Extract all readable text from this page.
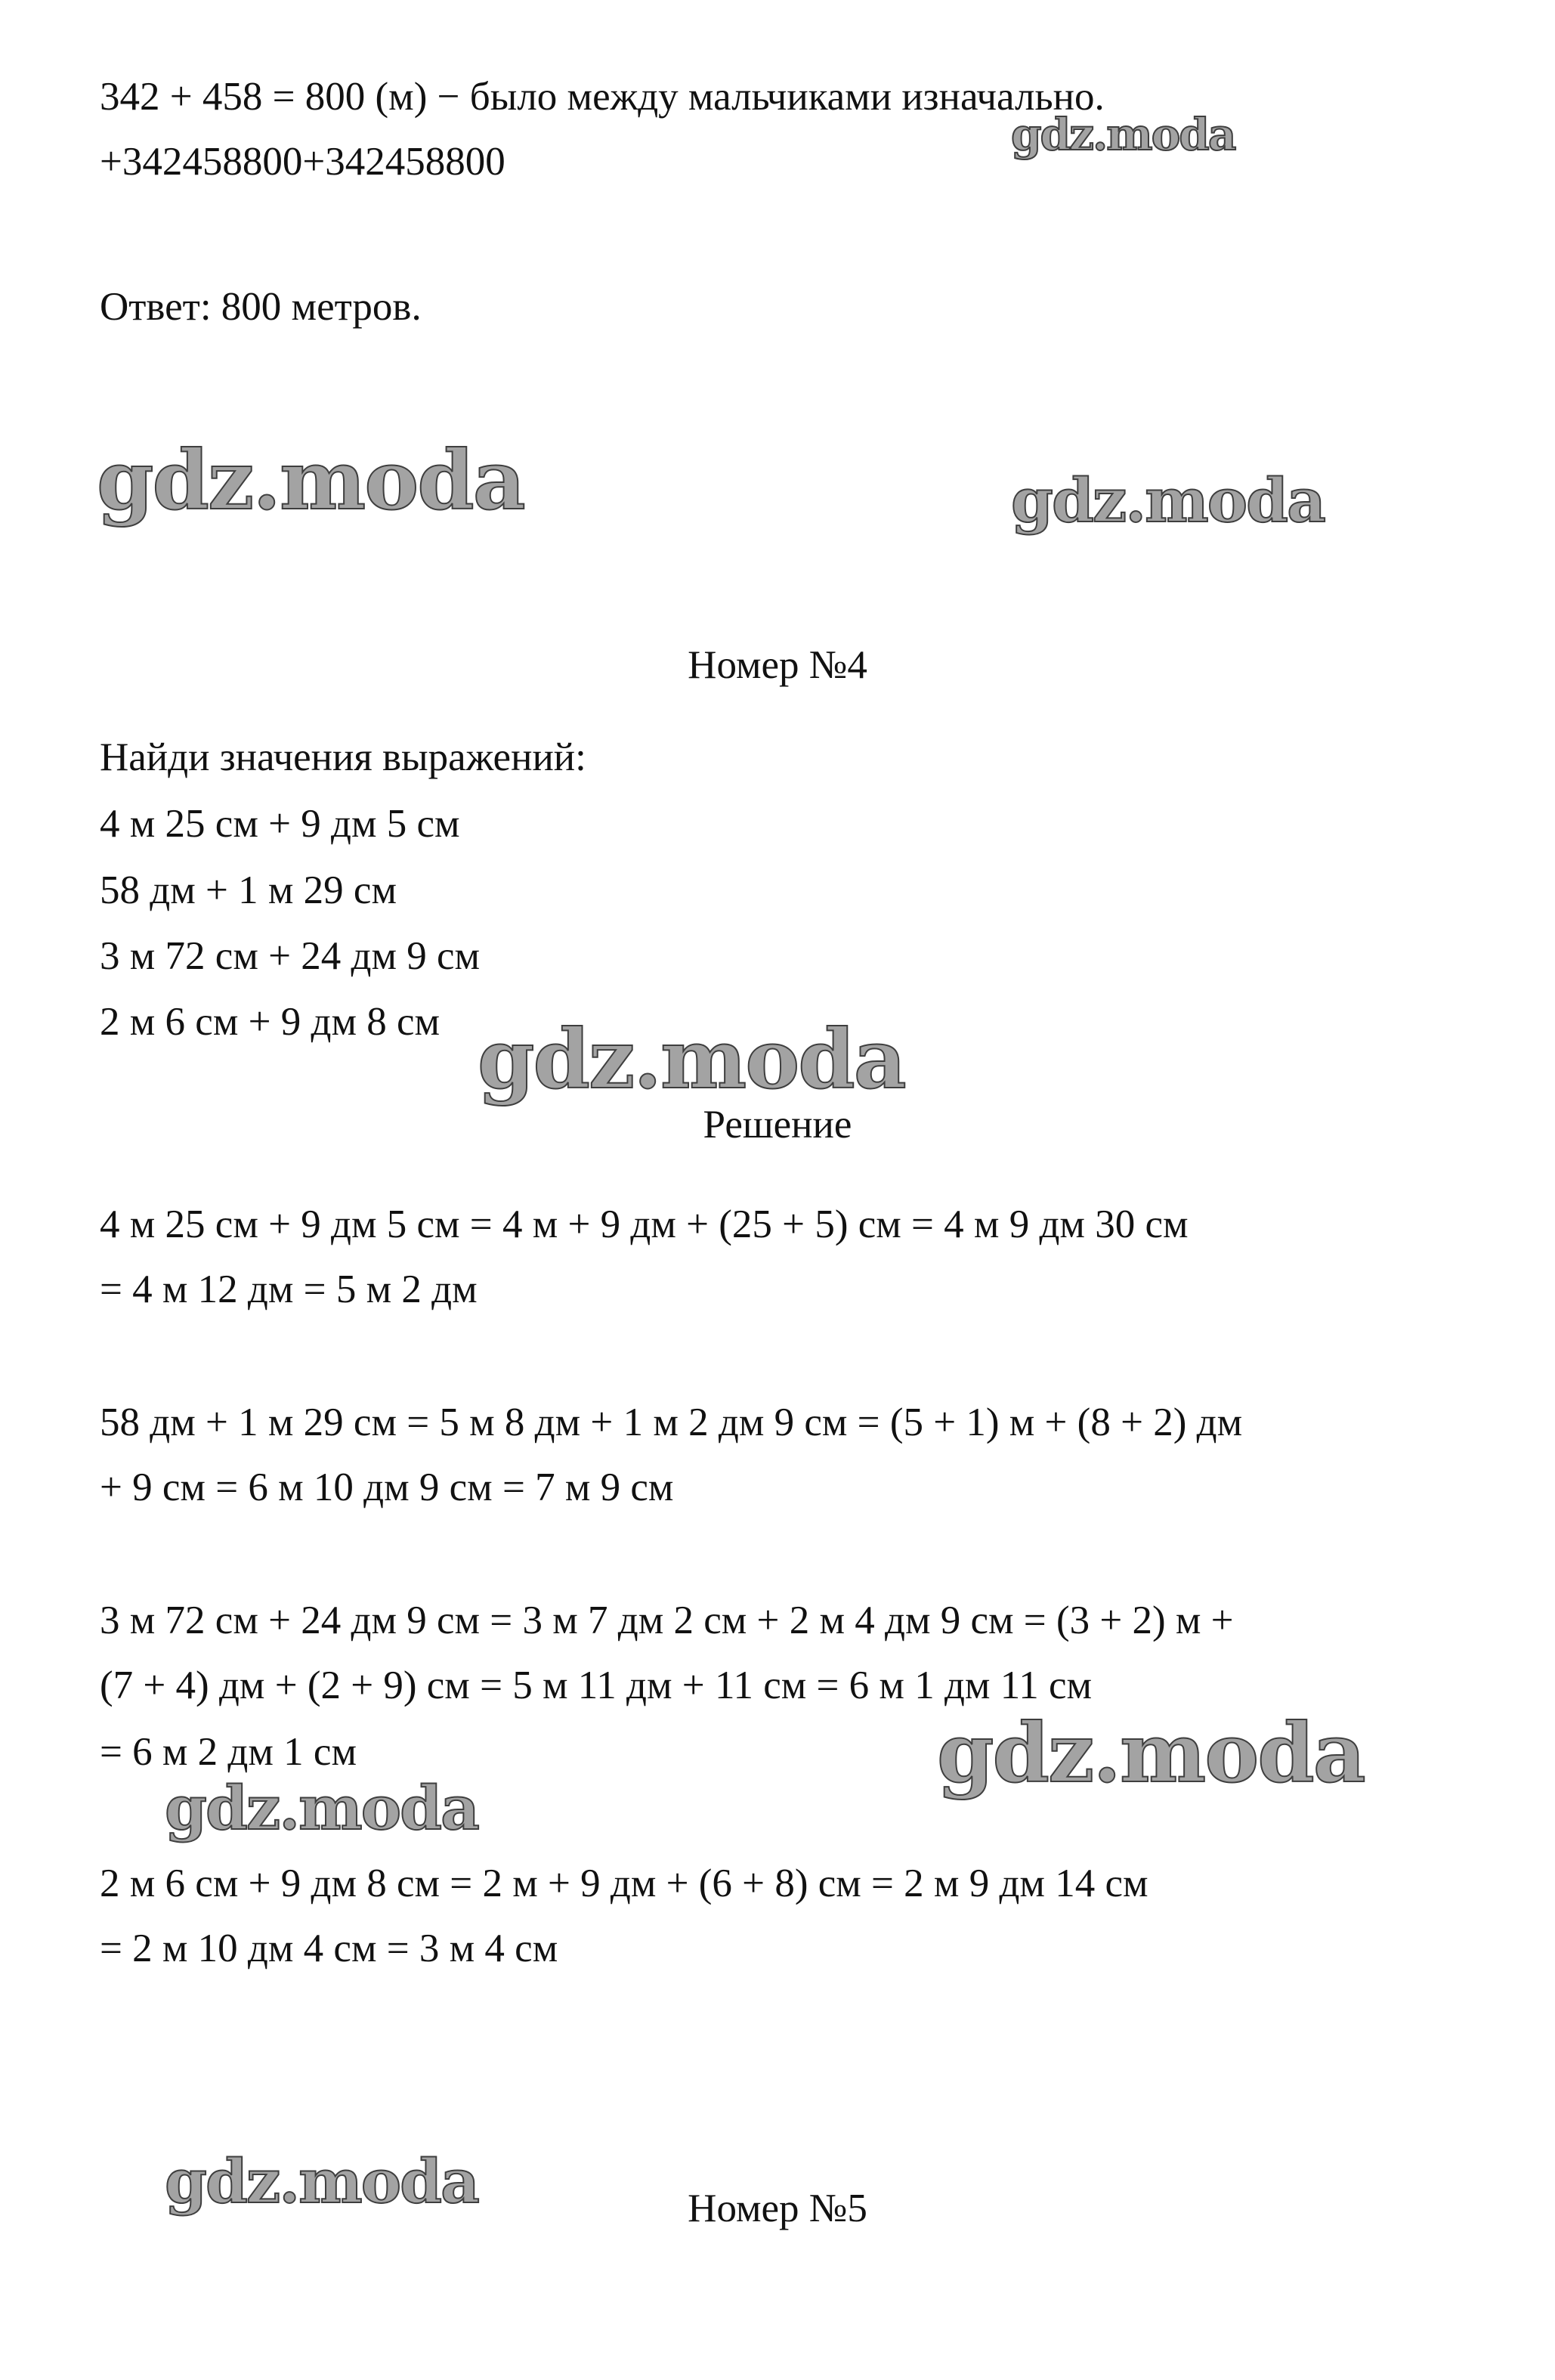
gdz.moda
gdz.moda	gdz.moda
gdz.moda
gdz.moda
gdz.moda
gdz.moda
342 + 458 = 800 (м) − было между мальчиками изначально.
+342458800+342458800
Ответ: 800 метров.
Номер №4
Найди значения выражений:
4 м 25 см + 9 дм 5 см
58 дм + 1 м 29 см
3 м 72 см + 24 дм 9 см
2 м 6 см + 9 дм 8 см
Решение
4 м 25 см + 9 дм 5 см = 4 м + 9 дм + (25 + 5) см = 4 м 9 дм 30 см
= 4 м 12 дм = 5 м 2 дм
58 дм + 1 м 29 см = 5 м 8 дм + 1 м 2 дм 9 см = (5 + 1) м + (8 + 2) дм
+ 9 см = 6 м 10 дм 9 см = 7 м 9 см
3 м 72 см + 24 дм 9 см = 3 м 7 дм 2 см + 2 м 4 дм 9 см = (3 + 2) м +
(7 + 4) дм + (2 + 9) см = 5 м 11 дм + 11 см = 6 м 1 дм 11 см
= 6 м 2 дм 1 см
2 м 6 см + 9 дм 8 см = 2 м + 9 дм + (6 + 8) см = 2 м 9 дм 14 см
= 2 м 10 дм 4 см = 3 м 4 см
Номер №5
